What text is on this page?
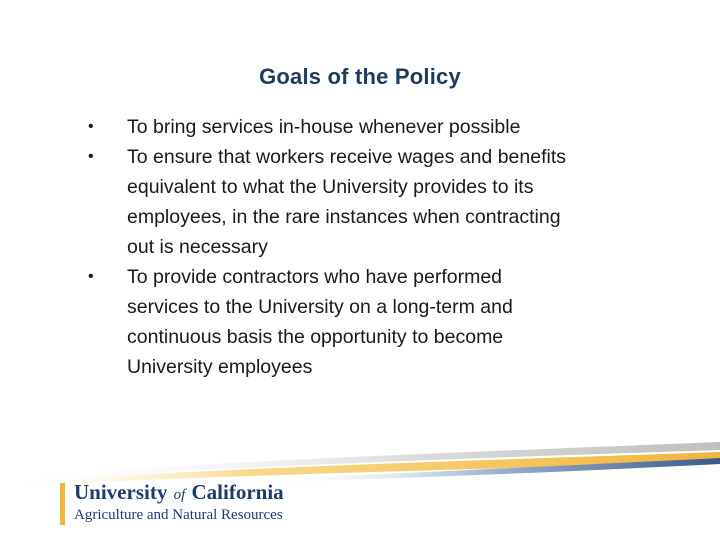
Goals of the Policy
• To bring services in-house whenever possible
• To ensure that workers receive wages and benefits
equivalent to what the University provides to its
employees, in the rare instances when contracting
out is necessary
• To provide contractors who have performed
services to the University on a long-term and
continuous basis the opportunity to become
University employees
University of California
Agriculture and Natural Resources
